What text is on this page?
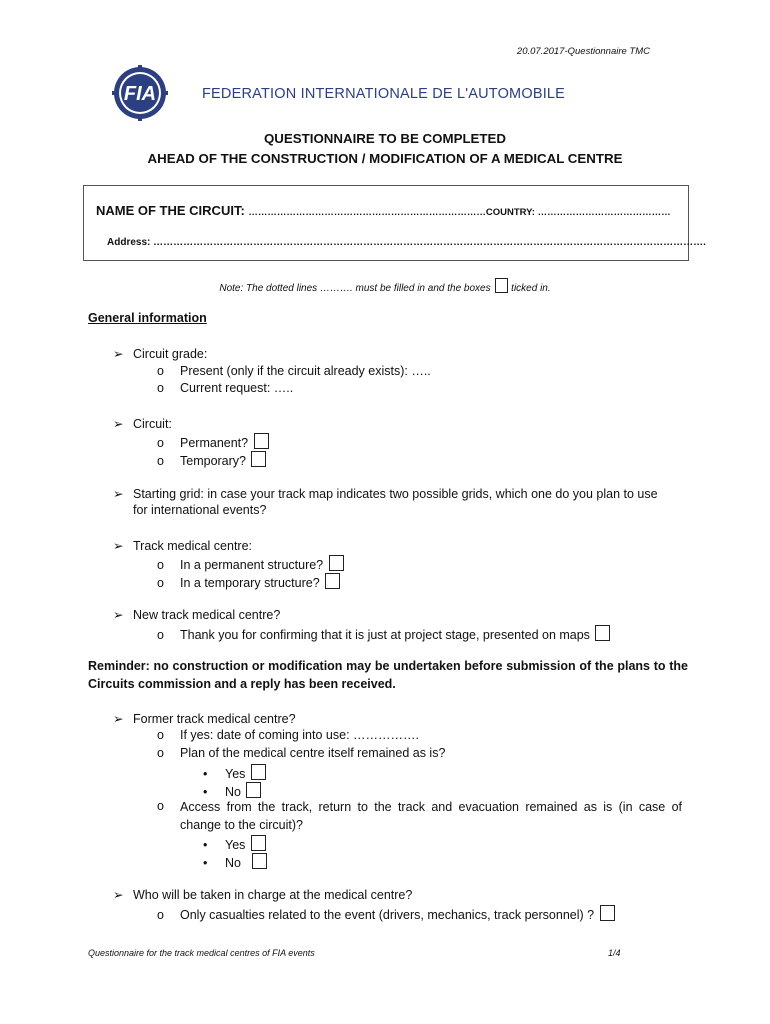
20.07.2017-Questionnaire TMC
FIA	FEDERATION INTERNATIONALE DE L'AUTOMOBILE
QUESTIONNAIRE TO BE COMPLETED
AHEAD OF THE CONSTRUCTION / MODIFICATION OF A MEDICAL CENTRE
NAME OF THE CIRCUIT: …………………………………………………………………COUNTRY: ……………………………………
Address: ………………………………………………………………………………………………………………………………………………….
Note: The dotted lines ………. must be filled in and the boxes  ticked in.
General information
➢ Circuit grade:
o Present (only if the circuit already exists): …..
o Current request: …..
➢ Circuit:
o Permanent?
o Temporary?
➢ Starting grid: in case your track map indicates two possible grids, which one do you plan to use
for international events?
➢ Track medical centre:
o In a permanent structure?
o In a temporary structure?
➢ New track medical centre?
o Thank you for confirming that it is just at project stage, presented on maps
Reminder: no construction or modification may be undertaken before submission of the plans to the Circuits commission and a reply has been received.
➢ Former track medical centre?
o If yes: date of coming into use: …………….
o Plan of the medical centre itself remained as is?
• Yes
• No
o Access from the track, return to the track and evacuation remained as is (in case of change to the circuit)?
• Yes
• No
➢ Who will be taken in charge at the medical centre?
o Only casualties related to the event (drivers, mechanics, track personnel) ?
Questionnaire for the track medical centres of FIA events	1/4
